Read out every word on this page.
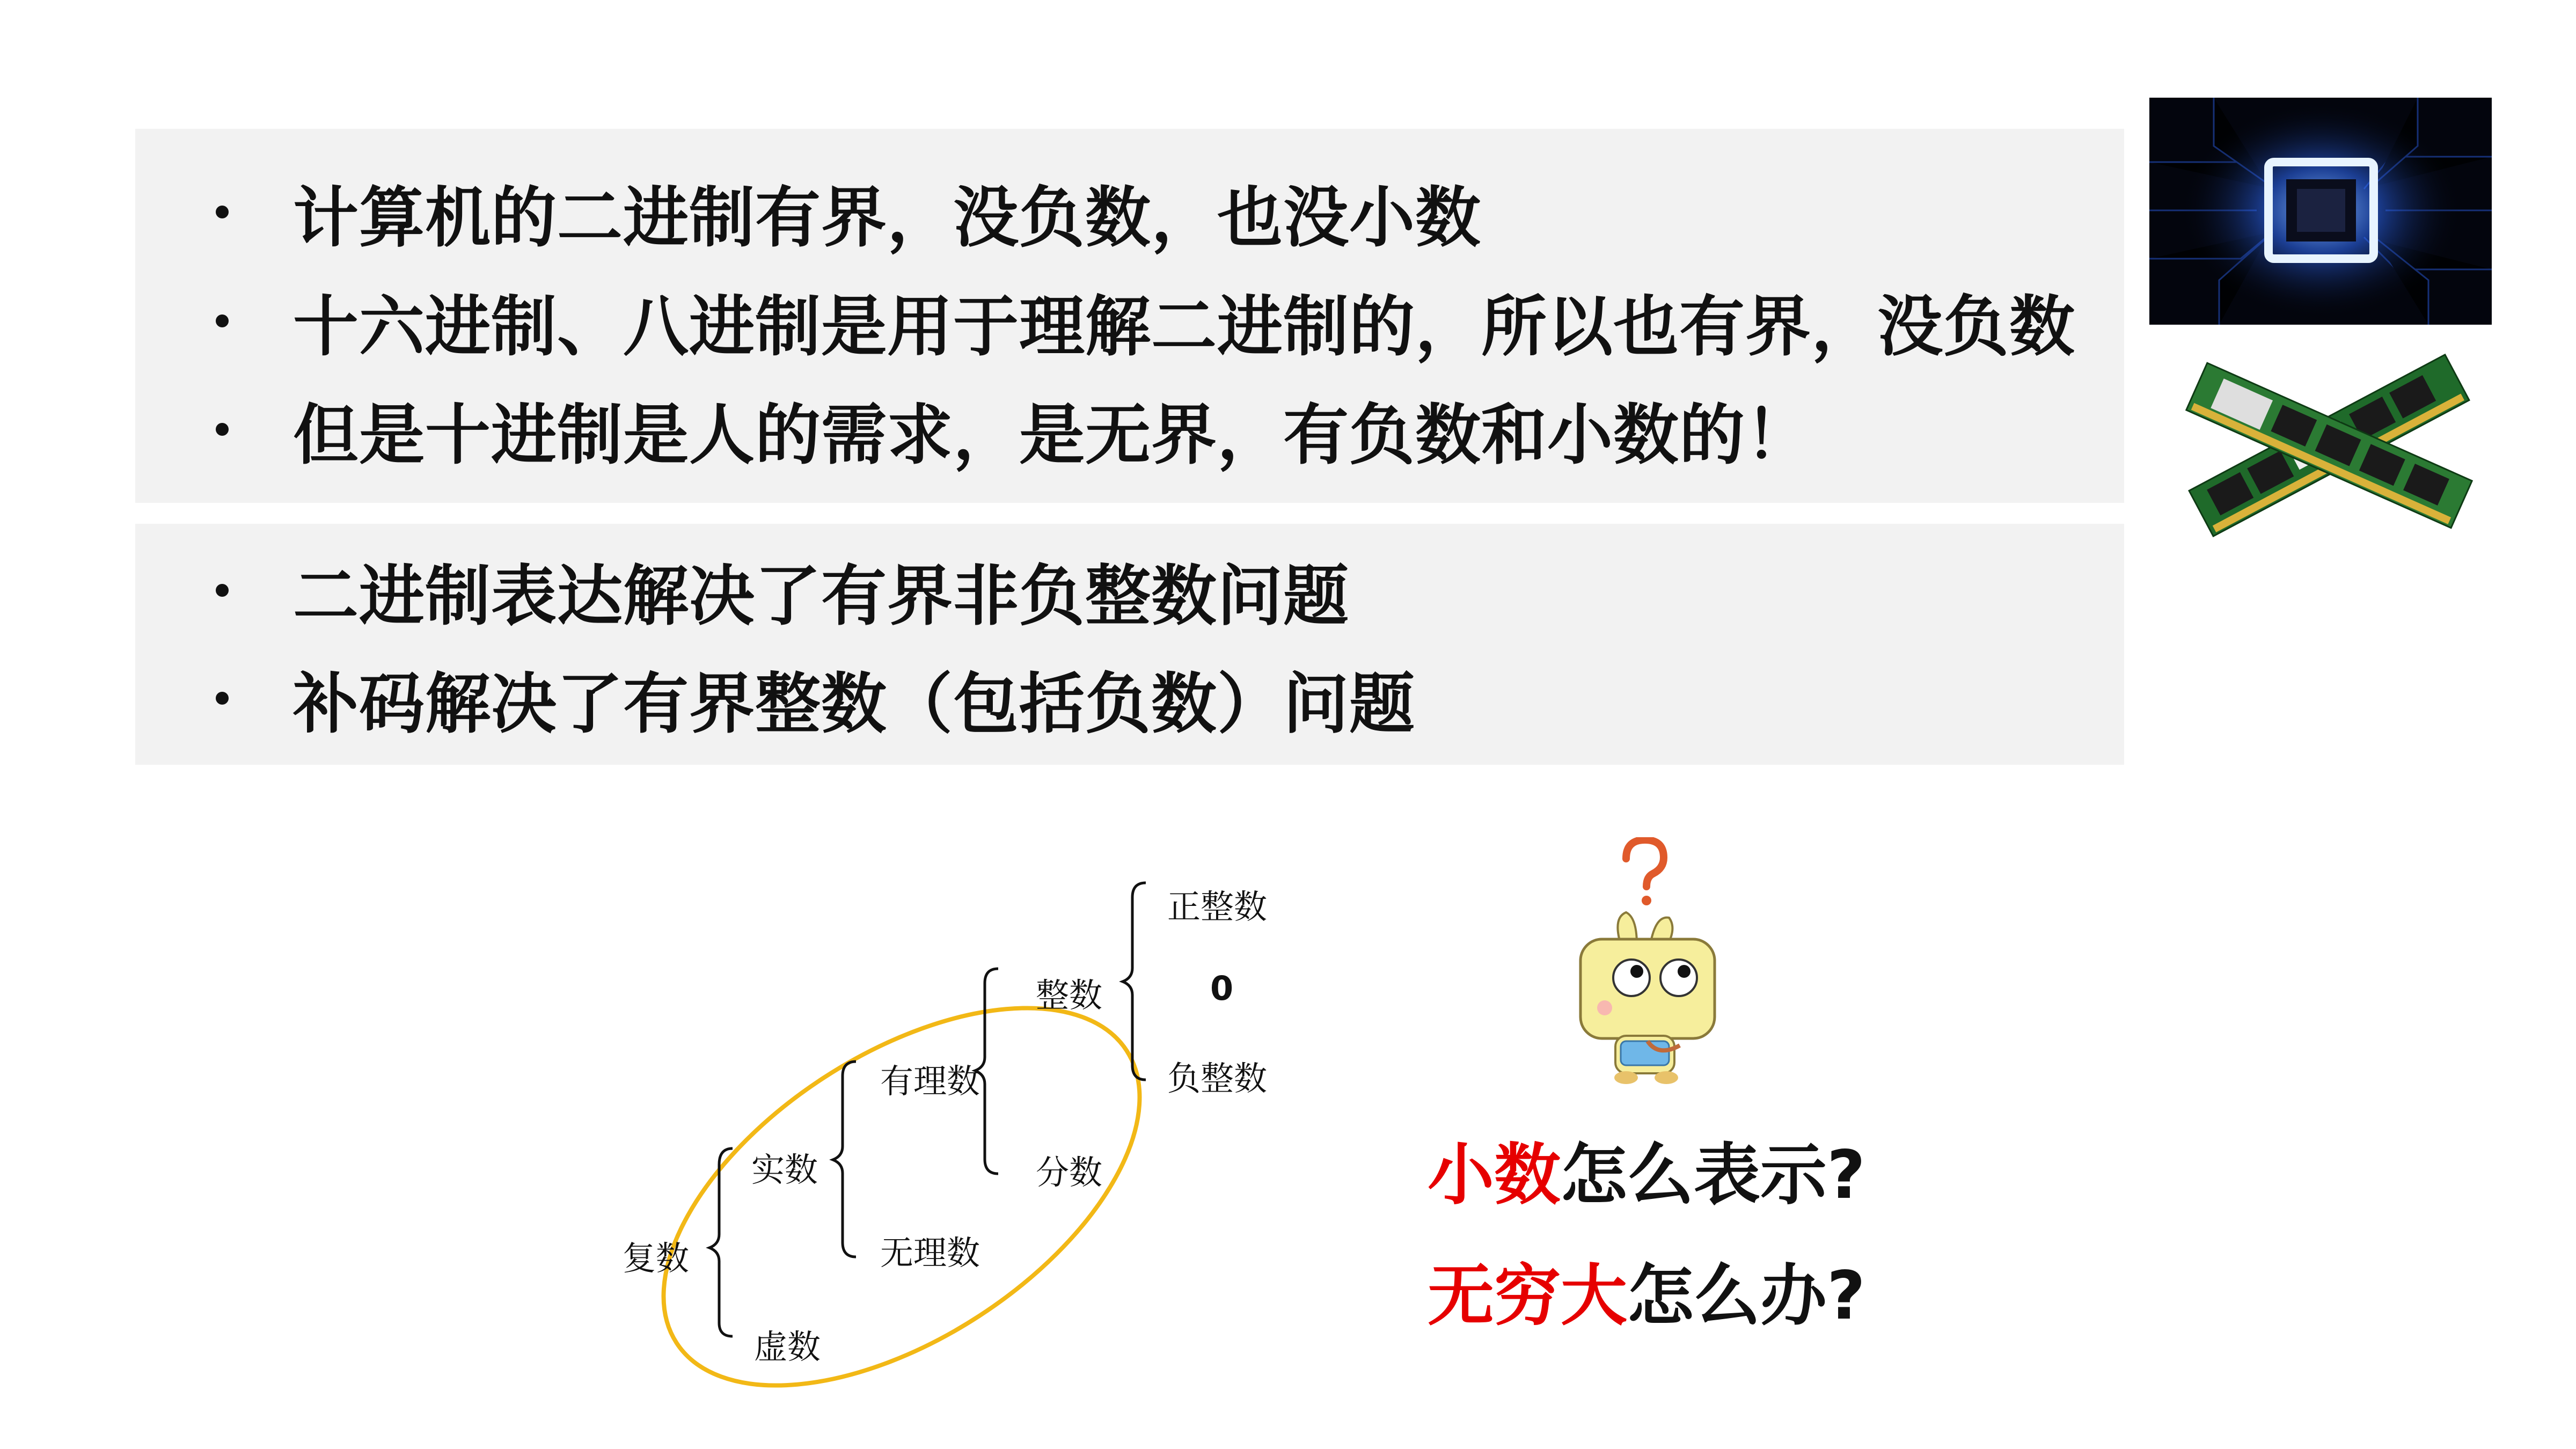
计算机的二进制有界，没负数，也没小数
十六进制、八进制是用于理解二进制的，所以也有界，没负数
但是十进制是人的需求，是无界，有负数和小数的！
二进制表达解决了有界非负整数问题
补码解决了有界整数（包括负数）问题
复数
实数
虚数
有理数
无理数
整数
分数
正整数
0
负整数
小数怎么表示?
无穷大怎么办?
